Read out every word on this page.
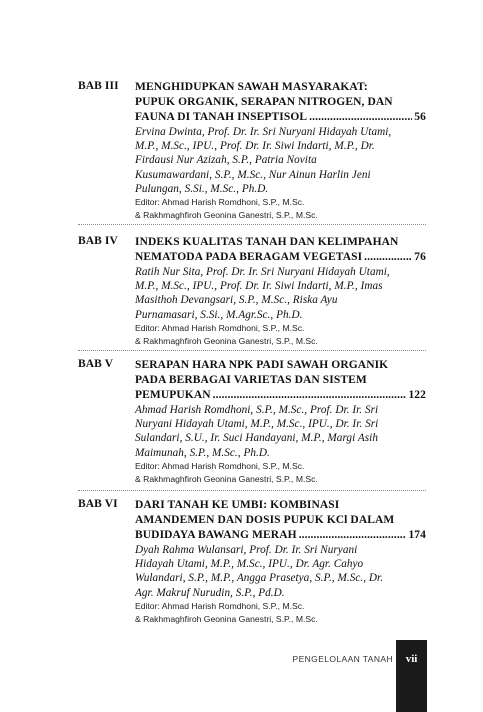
BAB III MENGHIDUPKAN SAWAH MASYARAKAT:

PUPUK ORGANIK, SERAPAN NITROGEN, DAN

FAUNA DI TANAH INSEPTISOL .....	56

Ervina Dwinta, Prof. Dr. Ir. Sri Nuryani Hidayah Utami,

M.P., M.Sc., IPU., Prof. Dr. Ir. Siwi Indarti, M.P., Dr.

Firdausi Nur Azizah, S.P., Patria Novita

Kusumawardani, S.P., M.Sc., Nur Ainun Harlin Jeni

Pulungan, S.Si., M.Sc., Ph.D.

Editor: Ahmad Harish Romdhoni, S.P., M.Sc.

& Rakhmaghfiroh Geonina Ganestri, S.P., M.Sc.

BAB IV INDEKS KUALITAS TANAH DAN KELIMPAHAN

NEMATODA PADA BERAGAM VEGETASI .....	76

Ratih Nur Sita, Prof. Dr. Ir. Sri Nuryani Hidayah Utami,

M.P., M.Sc., IPU., Prof. Dr. Ir. Siwi Indarti, M.P., Imas

Masithoh Devangsari, S.P., M.Sc., Riska Ayu

Purnamasari, S.Si., M.Agr.Sc., Ph.D.

Editor: Ahmad Harish Romdhoni, S.P., M.Sc.

& Rakhmaghfiroh Geonina Ganestri, S.P., M.Sc.

BAB V SERAPAN HARA NPK PADI SAWAH ORGANIK

PADA BERBAGAI VARIETAS DAN SISTEM

PEMUPUKAN .....	122

Ahmad Harish Romdhoni, S.P., M.Sc., Prof. Dr. Ir. Sri

Nuryani Hidayah Utami, M.P., M.Sc., IPU., Dr. Ir. Sri

Sulandari, S.U., Ir. Suci Handayani, M.P., Margi Asih

Maimunah, S.P., M.Sc., Ph.D.

Editor: Ahmad Harish Romdhoni, S.P., M.Sc.

& Rakhmaghfiroh Geonina Ganestri, S.P., M.Sc.

BAB VI DARI TANAH KE UMBI: KOMBINASI

AMANDEMEN DAN DOSIS PUPUK KCl DALAM

BUDIDAYA BAWANG MERAH .....	174

Dyah Rahma Wulansari, Prof. Dr. Ir. Sri Nuryani

Hidayah Utami, M.P., M.Sc., IPU., Dr. Agr. Cahyo

Wulandari, S.P., M.P., Angga Prasetya, S.P., M.Sc., Dr.

Agr. Makruf Nurudin, S.P., Pd.D.

Editor: Ahmad Harish Romdhoni, S.P., M.Sc.

& Rakhmaghfiroh Geonina Ganestri, S.P., M.Sc.

PENGELOLAAN TANAH	vii
